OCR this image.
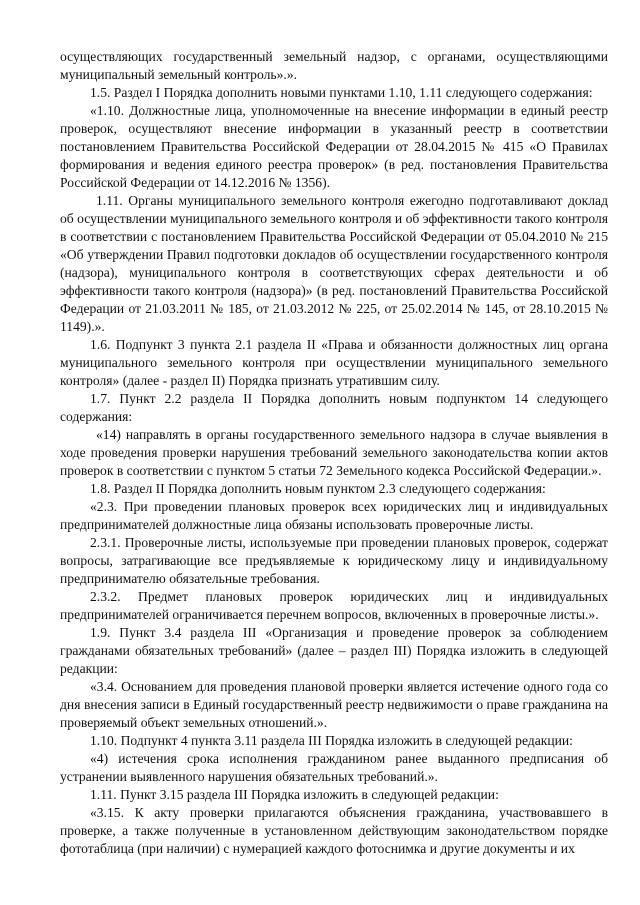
осуществляющих государственный земельный надзор, с органами, осуществляющими муниципальный земельный контроль».».

1.5. Раздел I Порядка дополнить новыми пунктами 1.10, 1.11 следующего содержания:

«1.10. Должностные лица, уполномоченные на внесение информации в единый реестр проверок, осуществляют внесение информации в указанный реестр в соответствии постановлением Правительства Российской Федерации от 28.04.2015 № 415 «О Правилах формирования и ведения единого реестра проверок» (в ред. постановления Правительства Российской Федерации от 14.12.2016 № 1356).

1.11. Органы муниципального земельного контроля ежегодно подготавливают доклад об осуществлении муниципального земельного контроля и об эффективности такого контроля в соответствии с постановлением Правительства Российской Федерации от 05.04.2010 № 215 «Об утверждении Правил подготовки докладов об осуществлении государственного контроля (надзора), муниципального контроля в соответствующих сферах деятельности и об эффективности такого контроля (надзора)» (в ред. постановлений Правительства Российской Федерации от 21.03.2011 № 185, от 21.03.2012 № 225, от 25.02.2014 № 145, от 28.10.2015 № 1149).».

1.6. Подпункт 3 пункта 2.1 раздела II «Права и обязанности должностных лиц органа муниципального земельного контроля при осуществлении муниципального земельного контроля» (далее - раздел II) Порядка признать утратившим силу.

1.7. Пункт 2.2 раздела II Порядка дополнить новым подпунктом 14 следующего содержания:

«14) направлять в органы государственного земельного надзора в случае выявления в ходе проведения проверки нарушения требований земельного законодательства копии актов проверок в соответствии с пунктом 5 статьи 72 Земельного кодекса Российской Федерации.».

1.8. Раздел II Порядка дополнить новым пунктом 2.3 следующего содержания:

«2.3. При проведении плановых проверок всех юридических лиц и индивидуальных предпринимателей должностные лица обязаны использовать проверочные листы.

2.3.1. Проверочные листы, используемые при проведении плановых проверок, содержат вопросы, затрагивающие все предъявляемые к юридическому лицу и индивидуальному предпринимателю обязательные требования.

2.3.2. Предмет плановых проверок юридических лиц и индивидуальных предпринимателей ограничивается перечнем вопросов, включенных в проверочные листы.».

1.9. Пункт 3.4 раздела III «Организация и проведение проверок за соблюдением гражданами обязательных требований» (далее – раздел III) Порядка изложить в следующей редакции:

«3.4. Основанием для проведения плановой проверки является истечение одного года со дня внесения записи в Единый государственный реестр недвижимости о праве гражданина на проверяемый объект земельных отношений.».

1.10. Подпункт 4 пункта 3.11 раздела III Порядка изложить в следующей редакции:

«4) истечения срока исполнения гражданином ранее выданного предписания об устранении выявленного нарушения обязательных требований.».

1.11. Пункт 3.15 раздела III Порядка изложить в следующей редакции:

«3.15. К акту проверки прилагаются объяснения гражданина, участвовавшего в проверке, а также полученные в установленном действующим законодательством порядке фототаблица (при наличии) с нумерацией каждого фотоснимка и другие документы и их
